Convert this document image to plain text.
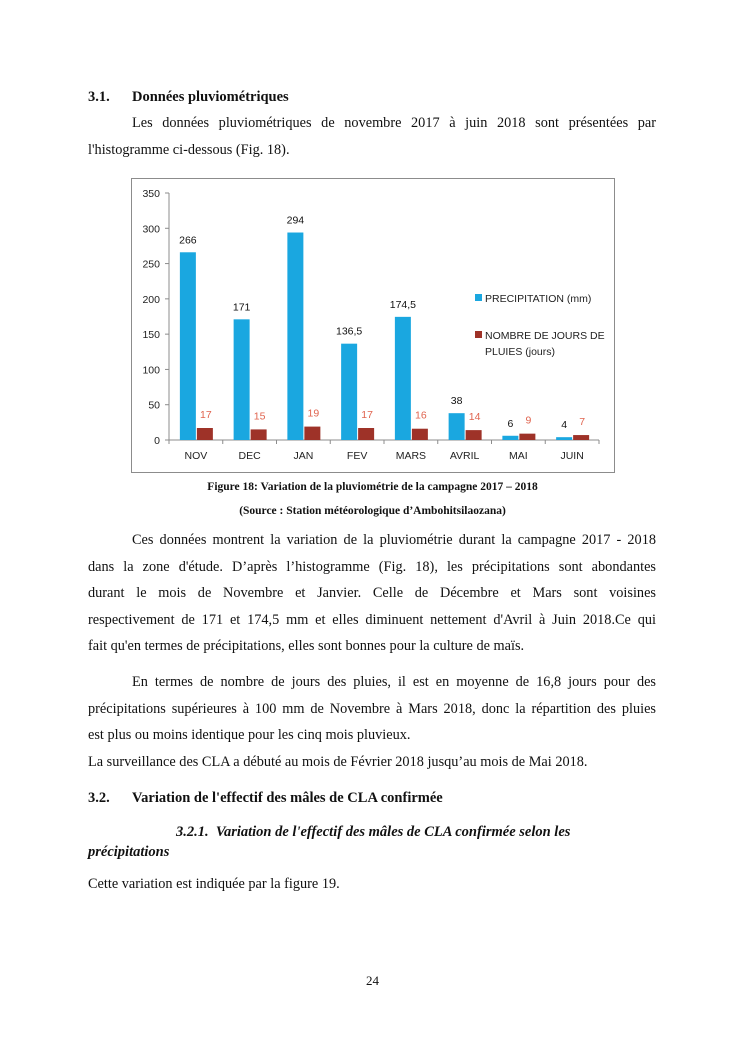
3.1. Données pluviométriques
Les données pluviométriques de novembre 2017 à juin 2018 sont présentées par
l'histogramme ci-dessous (Fig. 18).
0
50
100
150
200
250
300
350
266
17
NOV
171
15
DEC
294
19
JAN
136,5
17
FEV
174,5
16
MARS
38
14
AVRIL
6 9
MAI
4 7
JUIN
PRECIPITATION (mm)
NOMBRE DE JOURS DE
PLUIES (jours)
Figure 18: Variation de la pluviométrie de la campagne 2017 – 2018
(Source : Station météorologique d’Ambohitsilaozana)
Ces données montrent la variation de la pluviométrie durant la campagne 2017 - 2018
dans la zone d'étude. D’après l’histogramme (Fig. 18), les précipitations sont abondantes
durant le mois de Novembre et Janvier. Celle de Décembre et Mars sont voisines
respectivement de 171 et 174,5 mm et elles diminuent nettement d'Avril à Juin 2018.Ce qui
fait qu'en termes de précipitations, elles sont bonnes pour la culture de maïs.
En termes de nombre de jours des pluies, il est en moyenne de 16,8 jours pour des
précipitations supérieures à 100 mm de Novembre à Mars 2018, donc la répartition des pluies
est plus ou moins identique pour les cinq mois pluvieux.
La surveillance des CLA a débuté au mois de Février 2018 jusqu’au mois de Mai 2018.
3.2. Variation de l'effectif des mâles de CLA confirmée
3.2.1. Variation de l'effectif des mâles de CLA confirmée selon les
précipitations
Cette variation est indiquée par la figure 19.
24
